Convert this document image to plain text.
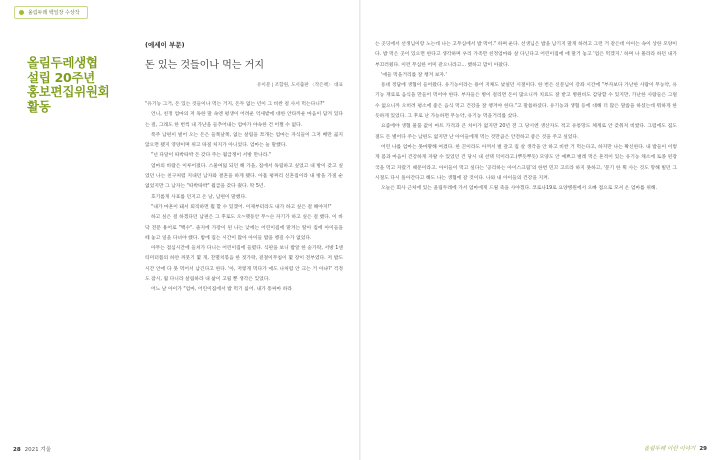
올림두레 백일장 수상작
올림두레생협
설립 20주년
홍보편집위원회
활동
(에세이 부문)
돈 있는 것들이나 먹는 거지
유이분 | 조합원, 도서출판 〈작은책〉 대표

"유기농 그거, 돈 있는 것들이나 먹는 거지, 돈두 없는 년이 그 비싼 걸 사서 먹는다니?"

언니, 친정 엄마의 저 독한 말 속엔 평생이 어려운 억새밭에 대한 안타까운 마음이 담겨 있다는 걸, 그래도 한 번씩 내 가난을 들추어내는 엄마가 야속한 건 어쩔 수 없다.

폭주 남편이 벌어 오는 돈은 들쭉날쭉, 없는 살림을 쪼개는 엄마는 자식들이 그저 배만 곯지 않으면 됐지 영양이며 위고 따질 처지가 아니었다. 엄마는 늘 말했다.

"넌 다달이 따박따박 돈 갖다 주는 월급쟁이 서방 만나라."

엄마의 바람은 이루어졌다. 스물여덟 되던 해 가을, 집에서 독립하고 싶었고 내 방이 갖고 싶었던 나는 친구처럼 지내던 남자와 결혼을 하게 됐다. 아홉 평짜리 신혼집이라 내 방을 가질 순 없었지만 그 남자는 "따박따박" 월급을 갖다 줬다. 딱 5년.

호기롭게 사표를 던지고 온 날, 남편이 말했다.

"내가 마흔이 돼서 퇴직하면 뭘 할 수 있겠어. 이제부터라도 내가 하고 싶은 걸 해야지!"

하고 싶은 걸 하겠다던 남편은 그 후로도 오~랫동안 무~슨 자기가 하고 싶은 걸 했다. 이 바닥 전문 용어로 "백수". 졸지에 가장이 된 나는 낮에는 어린이집에 맡겨는 딸아 집에 아이들을 떼 놓고 일을 다녀야 했다. 밤에 집는 시간이 많아 아이들 밥을 챙길 수가 없었다.

아무는 점심시간에 들쳐가 다니는 어린이집에 들렸다. 식판을 보니 밥알 한 숟가락, 서방 1센티미터쯤의 하얀 꺼뭇기 몇 개, 잔멸치볶음 한 젓가락, 겉절이무침이 몇 장이 전부였다. 저 밥도 시간 안에 다 못 먹어서 남긴다고 한다. '아, 저렇게 먹다가 애도 나처럼 안 크는 거 아냐?' 걱정도 잠시, 월 다니라 살림하라 내 삶이 고됨 뿐 생각은 잊었다.

어느 날 아이가 "엄마, 어린이집에서 밥 먹기 싫어. 내가 똥싸마 하라

는 곳딩에서 선생님이랑 노는데 나는 고무심에서 밥 먹어." 하며 운다. 선생님은 밥을 남기지 말게 하려고 그런 거 같은데 아이는 속이 상한 모양이다. 밥 먹은 곳이 있으면 한다고 생각하며 우리 가족만 친정엄마와 살 다닌다고 어린이집에 애 말거 놓고 '엄은 먹겠지.' 하며 나 몰라라 하던 내가 부끄러웠다. 이런 무심한 어미 같으니라고... 했하고 맘이 아팠다.

'애들 먹을거리를 잘 챙겨 보자.'

동네 정답에 생협이 들어왔다. 유기농이라는 용어 지체도 낯설던 시절이다. 한 번은 신문님이 강좌 시간에 "부자보다 가난한 사람이 무농약, 유기농 재료로 음식을 만들어 먹어야 한다. 부자들은 병이 걸리면 돈이 많으니까 치료도 잘 받고 병원비도 감당할 수 있지만, 가난한 사람들은 그럴 수 없으니까 오히려 평소에 좋은 음식 먹고 건강을 잘 챙겨야 한다."고 말씀하셨다. 유기농과 생협 등에 대해 더 많은 말씀을 하셨는데 뭐하게 한 듯하게 있었다. 그 후로 난 가능하면 무농약, 유기농 먹을거리를 샀다.

요즘에야 생협 물품 값이 마트 가격과 큰 차이가 없지만 20년 전 그 당시엔 생산자도 적고 유통망도 체계로 안 갖춰져 비쌌다. 그럼에도 집도 절도 돈 별어다 주는 남편도 없지만 난 아이들에게 먹는 것만큼은 안전하고 좋은 것을 주고 싶었다.

어린 나를 엄마는 못마땅해 여겼다. 한 끈이라도 아껴서 벌 갚고 집 살 생각을 안 하고 비싼 거 먹는다고, 하지만 나는 확신한다. 내 밥들이 이렇게 몸과 마음이 건강하게 자랄 수 있었던 건 당시 내 선택 덕이라고.(뿌듯뿌듯) 모양도 안 예쁘고 벌레 먹은 흔적이 있는 유기농 채소에 토종 된장국을 먹고 자랐기 때문이라고. 아이들이 먹고 싶다는 '공리하는 아이스크림'의 한번 민꼬 고르라 하지 못하고, '문기 한 획 사는 것도 망해 빌던 그 시절도 다시 돌아간다고 해도 나는 생협에 갈 것이다. 나와 내 아이들의 건강을 지켜.

오늘은 회사 근처에 있는 올림두레에 가서 엄마에게 드릴 죽을 사야겠다. 코로나19로 요양병원에서 오빠 접으로 모셔 온 엄마를 위해.

28 2021 겨울	올림두레 이런 이야기 29
